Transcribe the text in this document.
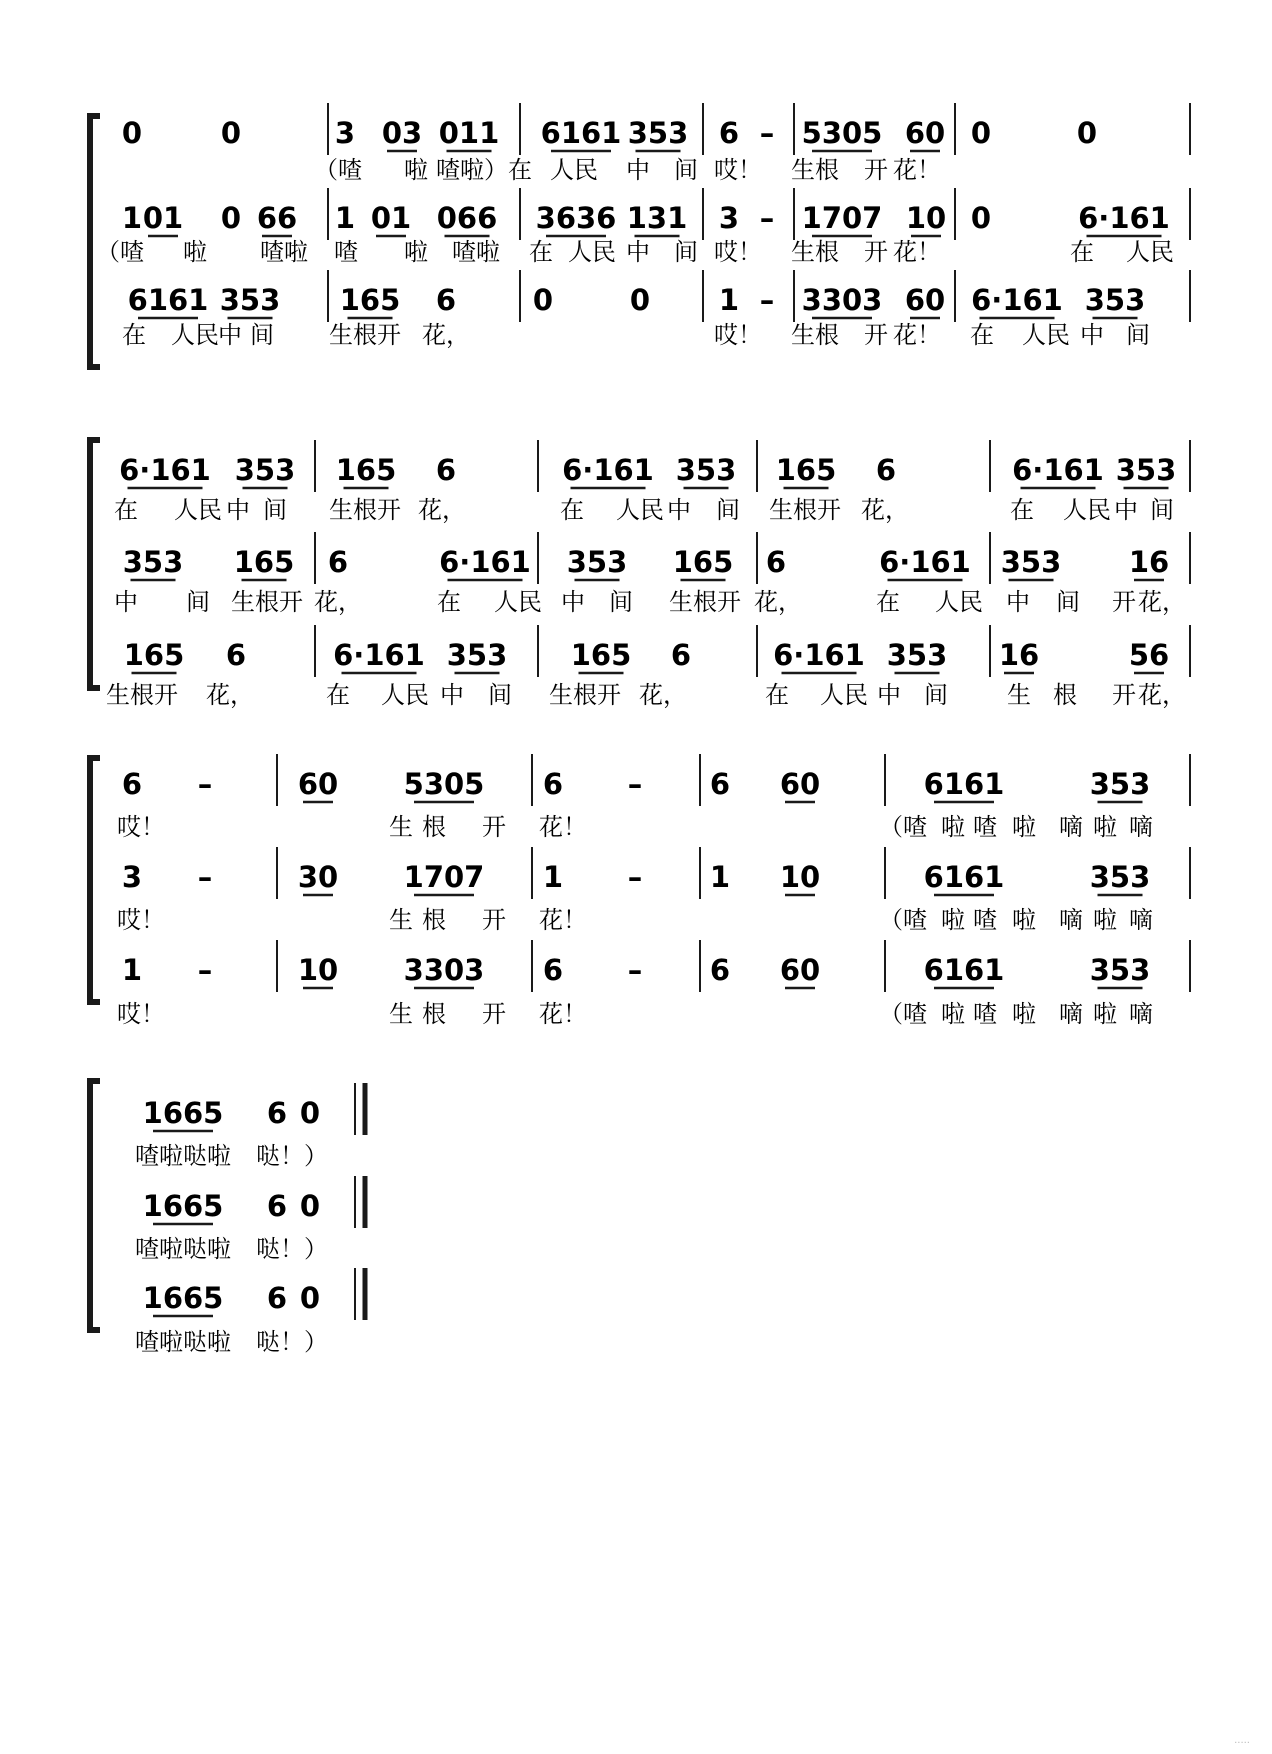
0	0	3 03 011 6161 353 6 – 5305 60 0	0
（喳 啦 喳啦）在 人民 中 间 哎！ 生根 开 花！
1 01 0 66 1 01 066 3636 131 3 – 1707 10 0	6·161
（喳 啦 喳啦 喳 啦 喳啦 在 人民 中 间 哎！ 生根 开 花！	在 人民
6161 353 165 6	0	0 1 – 3303 60 6·161 353
在 人民 中 间 生根开 花，	哎！ 生根 开 花！ 在 人民 中 间
6·161 353 165 6	6·161 353 165 6	6·161 353
在 人民 中 间 生根开 花，	在 人民 中 间 生根开 花，	在 人民 中 间
353 165 6	6·161 353 165 6	6·161 353 16
中 间 生根开 花，	在 人民 中 间 生根开 花，	在 人民 中 间 开 花，
165 6	6·161 353 165 6	6·161 353 16	56
生根开 花，	在 人民 中 间 生根开 花，	在 人民 中 间 生 根 开 花，
6 –	60 5305 6 – 6 60	6161	353
哎！	生 根 开 花！	（喳 啦 喳 啦 嘀 啦 嘀
3 –	30 1707 1 – 1 10	6161	353
哎！	生 根 开 花！	（喳 啦 喳 啦 嘀 啦 嘀
1 –	10 3303 6 – 6 60	6161	353
哎！	生 根 开 花！	（喳 啦 喳 啦 嘀 啦 嘀
1665 6 0
喳啦哒啦 哒！）
1665 6 0
喳啦哒啦 哒！）
1665 6 0
喳啦哒啦 哒！）
.....
